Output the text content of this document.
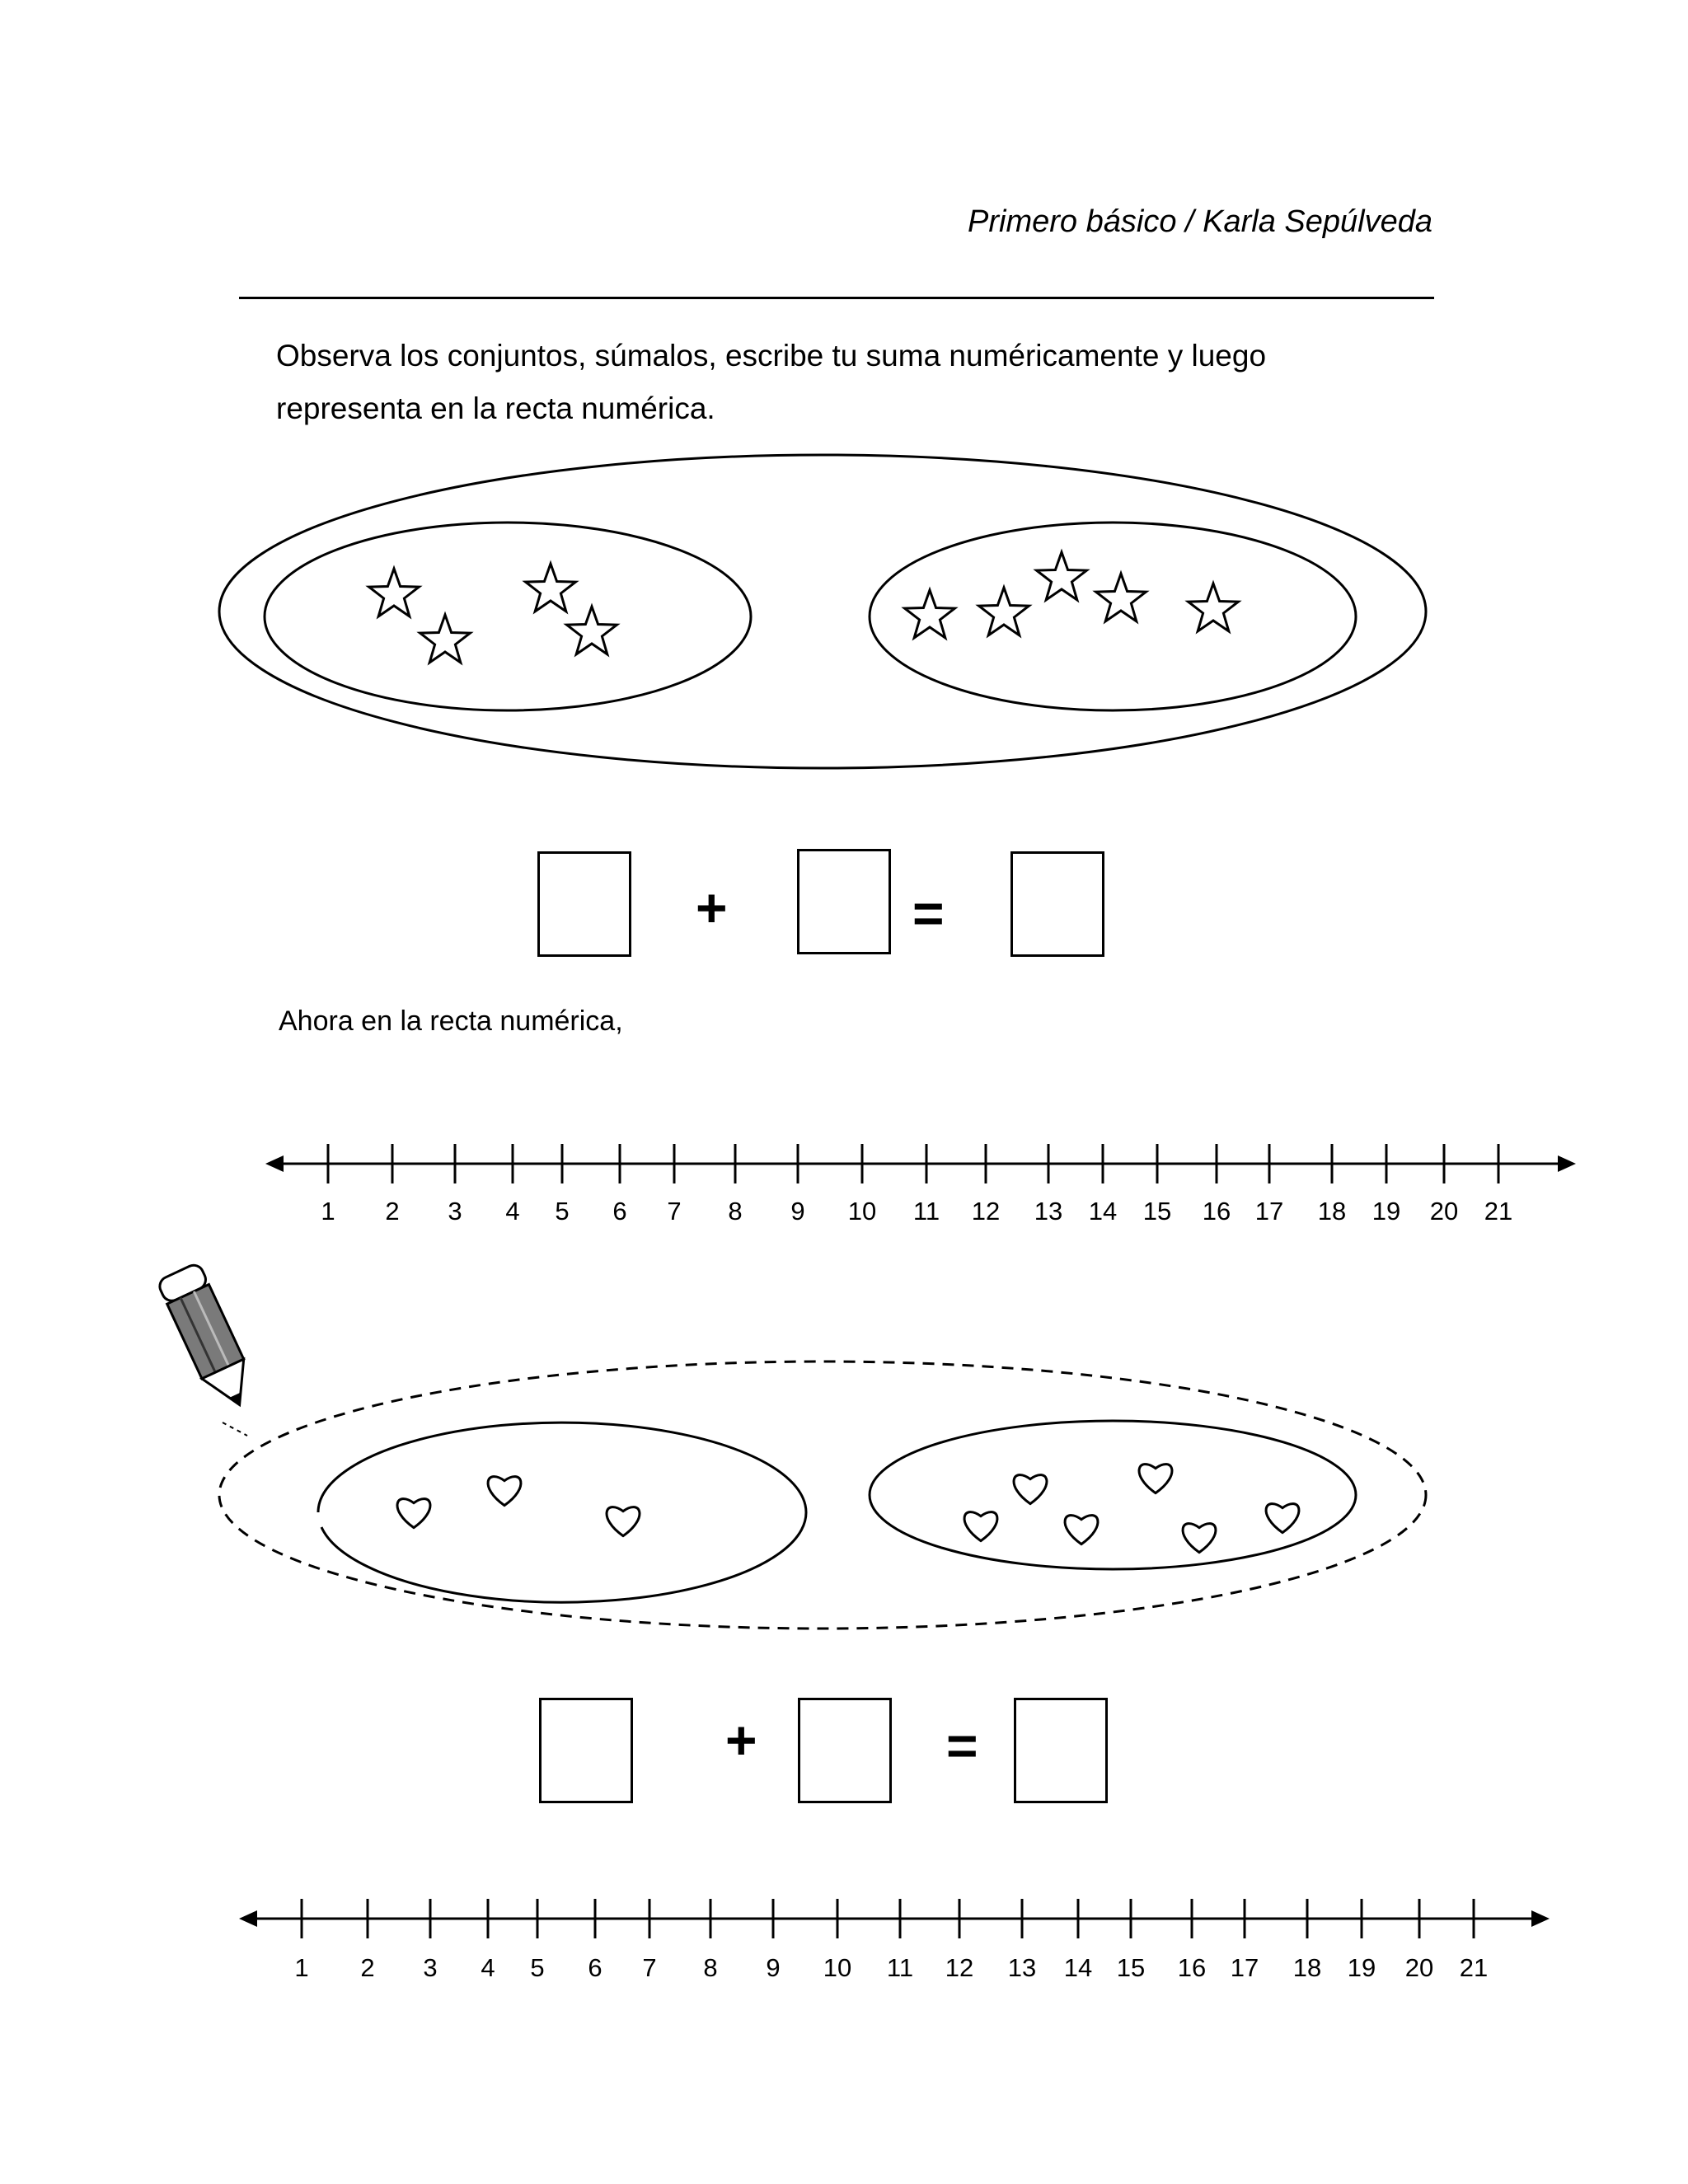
Primero básico / Karla Sepúlveda
Observa los conjuntos, súmalos, escribe tu suma numéricamente y luego
representa en la recta numérica.
+	=
Ahora en la recta numérica,
1 2 3 4 5 6 7 8 9 10 11 12 13 14 15 16 17 18 19 20 21
+	=
1 2 3 4 5 6 7 8 9 10 11 12 13 14 15 16 17 18 19 20 21
